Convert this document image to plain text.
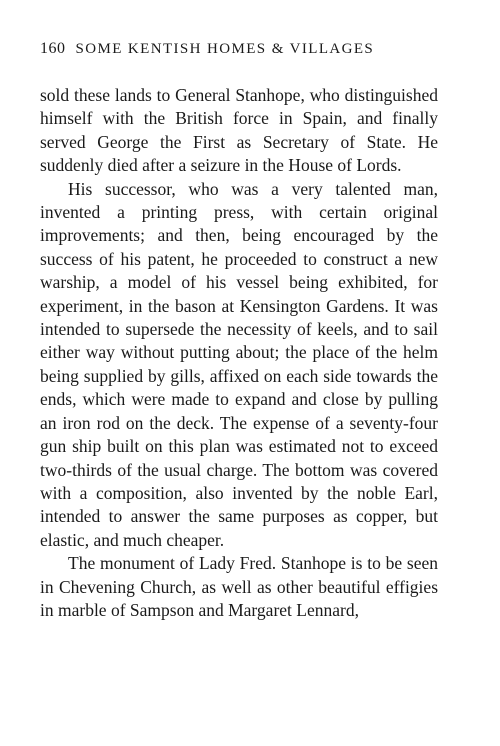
160 SOME KENTISH HOMES & VILLAGES

sold these lands to General Stanhope, who distinguished himself with the British force in Spain, and finally served George the First as Secretary of State. He suddenly died after a seizure in the House of Lords.

His successor, who was a very talented man, invented a printing press, with certain original improvements; and then, being encouraged by the success of his patent, he proceeded to construct a new warship, a model of his vessel being exhibited, for experiment, in the bason at Kensington Gardens. It was intended to supersede the necessity of keels, and to sail either way without putting about; the place of the helm being supplied by gills, affixed on each side towards the ends, which were made to expand and close by pulling an iron rod on the deck. The expense of a seventy-four gun ship built on this plan was estimated not to exceed two-thirds of the usual charge. The bottom was covered with a composition, also invented by the noble Earl, intended to answer the same purposes as copper, but elastic, and much cheaper.

The monument of Lady Fred. Stanhope is to be seen in Chevening Church, as well as other beautiful effigies in marble of Sampson and Margaret Lennard,
